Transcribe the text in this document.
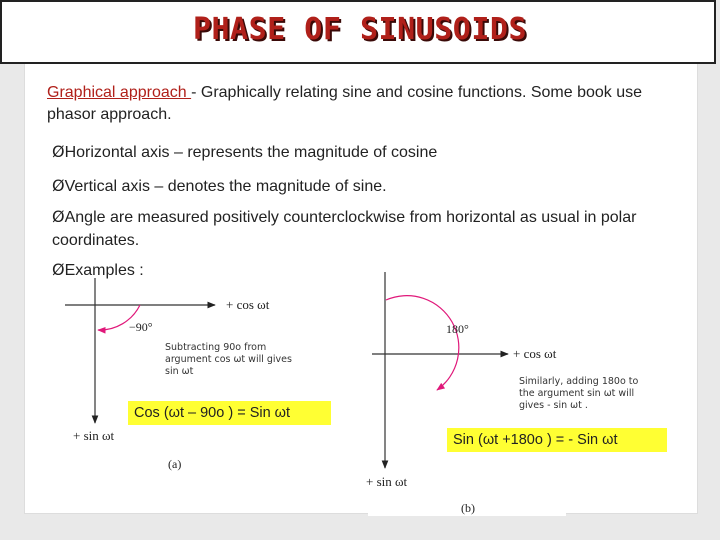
PHASE OF SINUSOIDS
Graphical approach - Graphically relating sine and cosine functions. Some book use phasor approach.
ØHorizontal axis – represents the magnitude of cosine
ØVertical axis – denotes the magnitude of sine.
ØAngle are measured positively counterclockwise from horizontal as usual in polar coordinates.
ØExamples :
+ cos ωt
+ sin ωt
−90°
(a)
180°
+ cos ωt
+ sin ωt
(b)
Subtracting 90o from argument cos ωt will gives sin ωt
Cos (ωt – 90o ) = Sin ωt
Similarly, adding 180o to the argument sin ωt will gives - sin ωt .
Sin (ωt +180o ) = - Sin ωt
